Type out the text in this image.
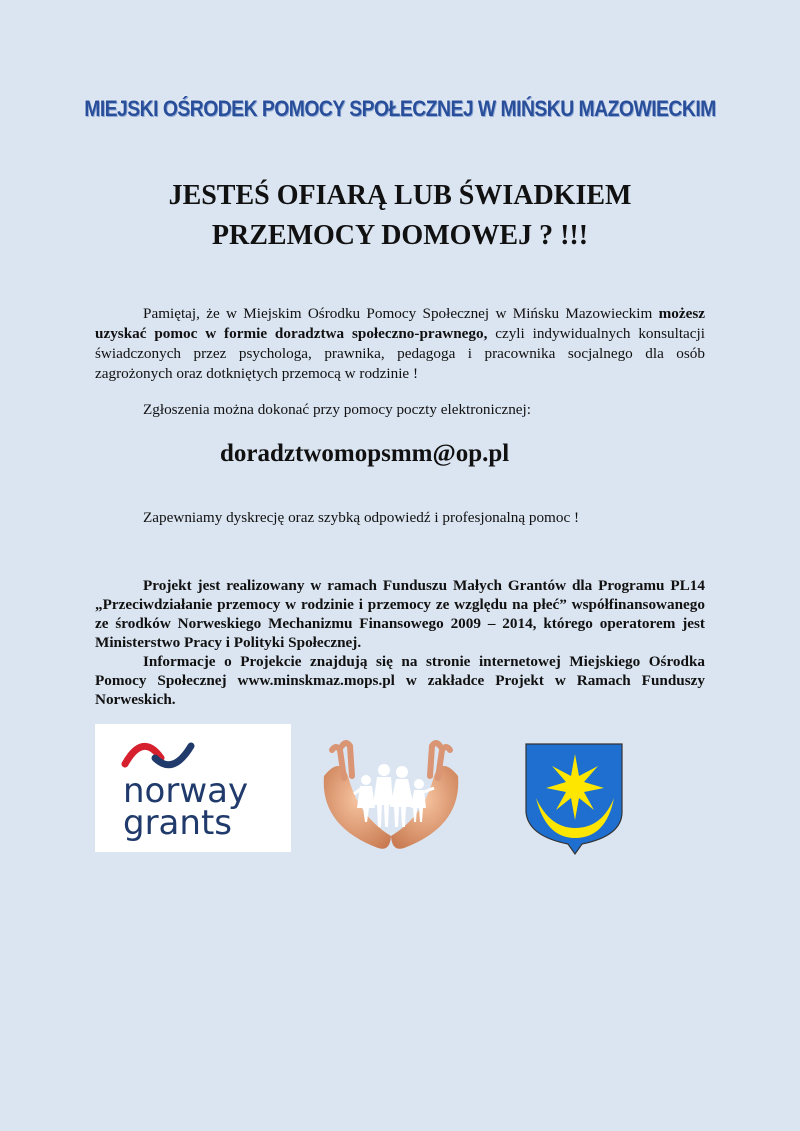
MIEJSKI OŚRODEK POMOCY SPOŁECZNEJ W MIŃSKU MAZOWIECKIM
JESTEŚ OFIARĄ LUB ŚWIADKIEM
PRZEMOCY DOMOWEJ ? !!!
Pamiętaj, że w Miejskim Ośrodku Pomocy Społecznej w Mińsku Mazowieckim możesz uzyskać pomoc w formie doradztwa społeczno-prawnego, czyli indywidualnych konsultacji świadczonych przez psychologa, prawnika, pedagoga i pracownika socjalnego dla osób zagrożonych oraz dotkniętych przemocą w rodzinie !
Zgłoszenia można dokonać przy pomocy poczty elektronicznej:
doradztwomopsmm@op.pl
Zapewniamy dyskrecję oraz szybką odpowiedź i profesjonalną pomoc !

Projekt jest realizowany w ramach Funduszu Małych Grantów dla Programu PL14 „Przeciwdziałanie przemocy w rodzinie i przemocy ze względu na płeć” współfinansowanego ze środków Norweskiego Mechanizmu Finansowego 2009 – 2014, którego operatorem jest Ministerstwo Pracy i Polityki Społecznej.

Informacje o Projekcie znajdują się na stronie internetowej Miejskiego Ośrodka Pomocy Społecznej www.minskmaz.mops.pl w zakładce Projekt w Ramach Funduszy Norweskich.

norway
grants
